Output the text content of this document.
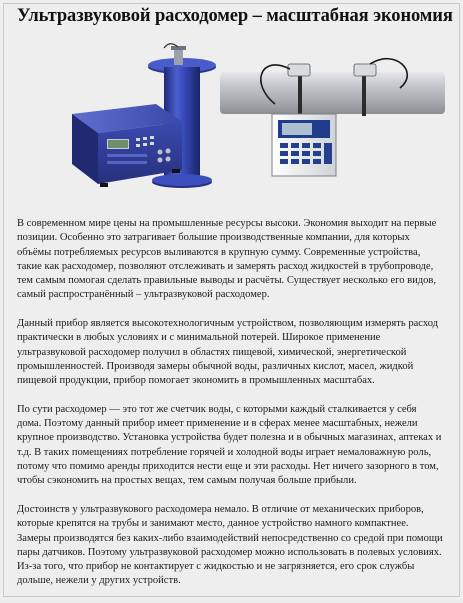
Ультразвуковой расходомер – масштабная экономия

В современном мире цены на промышленные ресурсы высоки. Экономия выходит на первые позиции. Особенно это затрагивает большие производственные компании, для которых объёмы потребляемых ресурсов выливаются в крупную сумму. Современные устройства, такие как расходомер, позволяют отслеживать и замерять расход жидкостей в трубопроводе, тем самым помогая сделать правильные выводы и расчёты. Существует несколько его видов, самый распространённый – ультразвуковой расходомер.

Данный прибор является высокотехнологичным устройством, позволяющим измерять расход практически в любых условиях и с минимальной потерей. Широкое применение ультразвуковой расходомер получил в областях пищевой, химической, энергетической промышленностей. Производя замеры обычной воды, различных кислот, масел, жидкой пищевой продукции, прибор помогает экономить в промышленных масштабах.

По сути расходомер — это тот же счетчик воды, с которыми каждый сталкивается у себя дома. Поэтому данный прибор имеет применение и в сферах менее масштабных, нежели крупное производство. Установка устройства будет полезна и в обычных магазинах, аптеках и т.д. В таких помещениях потребление горячей и холодной воды играет немаловажную роль, потому что помимо аренды приходится нести еще и эти расходы. Нет ничего зазорного в том, чтобы сэкономить на простых вещах, тем самым получая больше прибыли.

Достоинств у ультразвукового расходомера немало. В отличие от механических приборов, которые крепятся на трубы и занимают место, данное устройство намного компактнее. Замеры производятся без каких-либо взаимодействий непосредственно со средой при помощи пары датчиков. Поэтому ультразвуковой расходомер можно использовать в полевых условиях. Из-за того, что прибор не контактирует с жидкостью и не загрязняется, его срок службы дольше, нежели у других устройств.
